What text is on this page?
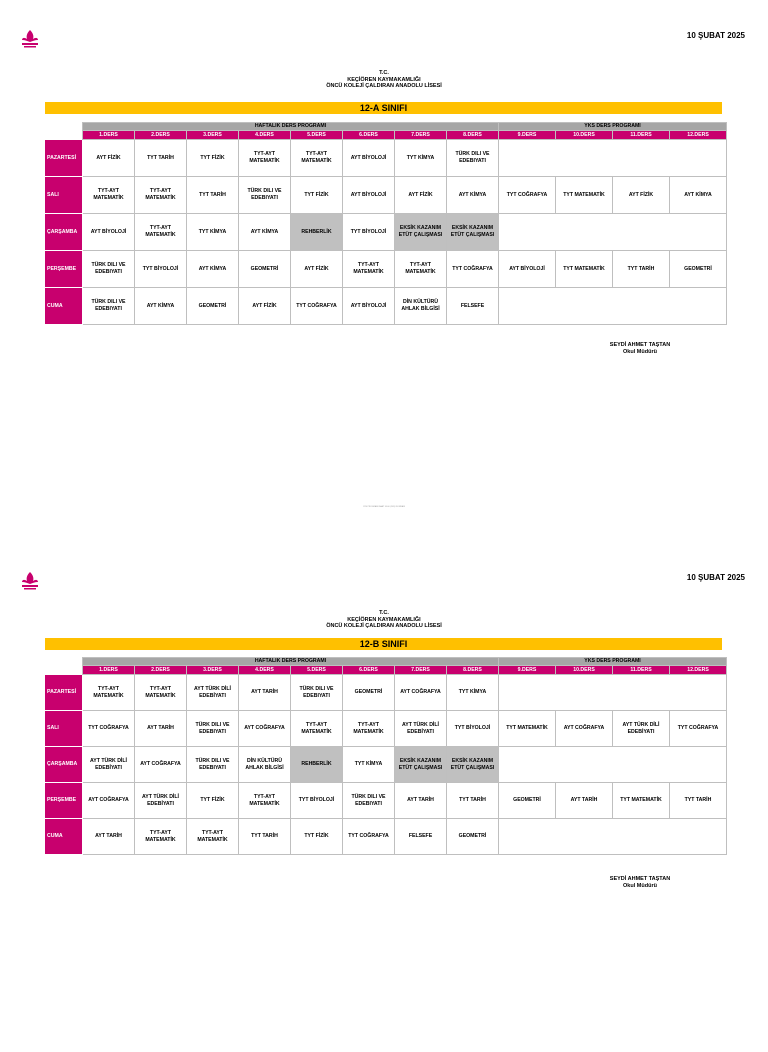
10 ŞUBAT 2025
T.C.
KEÇİÖREN KAYMAKAMLIĞI
ÖNCÜ KOLEJİ ÇALDIRAN ANADOLU LİSESİ
12-A SINIFI
	HAFTALIK DERS PROGRAMI								YKS DERS PROGRAMI			
	1.DERS	2.DERS	3.DERS	4.DERS	5.DERS	6.DERS	7.DERS	8.DERS	9.DERS	10.DERS	11.DERS	12.DERS
PAZARTESİ	AYT FİZİK	TYT TARİH	TYT FİZİK	TYT-AYT MATEMATİK	TYT-AYT MATEMATİK	AYT BİYOLOJİ	TYT KİMYA	TÜRK DILI VE EDEBIYATI				
SALI	TYT-AYT MATEMATİK	TYT-AYT MATEMATİK	TYT TARİH	TÜRK DILI VE EDEBIYATI	TYT FİZİK	AYT BİYOLOJİ	AYT FİZİK	AYT KİMYA	TYT COĞRAFYA	TYT MATEMATİK	AYT FİZİK	AYT KİMYA
ÇARŞAMBA	AYT BİYOLOJİ	TYT-AYT MATEMATİK	TYT KİMYA	AYT KİMYA	REHBERLİK	TYT BİYOLOJİ	EKSİK KAZANIM ETÜT ÇALIŞMASI	EKSİK KAZANIM ETÜT ÇALIŞMASI				
PERŞEMBE	TÜRK DILI VE EDEBIYATI	TYT BİYOLOJİ	AYT KİMYA	GEOMETRİ	AYT FİZİK	TYT-AYT MATEMATİK	TYT-AYT MATEMATİK	TYT COĞRAFYA	AYT BİYOLOJİ	TYT MATEMATİK	TYT TARİH	GEOMETRİ
CUMA	TÜRK DILI VE EDEBIYATI	AYT KİMYA	GEOMETRİ	AYT FİZİK	TYT COĞRAFYA	AYT BİYOLOJİ	DİN KÜLTÜRÜ AHLAK BİLGİSİ	FELSEFE				
SEYDİ AHMET TAŞTAN
Okul Müdürü
YKS PROGRAMI SAAT 16.00 ÇIKIŞ SONRASI
10 ŞUBAT 2025
T.C.
KEÇİÖREN KAYMAKAMLIĞI
ÖNCÜ KOLEJİ ÇALDIRAN ANADOLU LİSESİ
12-B SINIFI
	HAFTALIK DERS PROGRAMI								YKS DERS PROGRAMI			
	1.DERS	2.DERS	3.DERS	4.DERS	5.DERS	6.DERS	7.DERS	8.DERS	9.DERS	10.DERS	11.DERS	12.DERS
PAZARTESİ	TYT-AYT MATEMATİK	TYT-AYT MATEMATİK	AYT TÜRK DİLİ EDEBİYATI	AYT TARİH	TÜRK DILI VE EDEBIYATI	GEOMETRİ	AYT COĞRAFYA	TYT KİMYA				
SALI	TYT COĞRAFYA	AYT TARİH	TÜRK DILI VE EDEBIYATI	AYT COĞRAFYA	TYT-AYT MATEMATİK	TYT-AYT MATEMATİK	AYT TÜRK DİLİ EDEBİYATI	TYT BİYOLOJİ	TYT MATEMATİK	AYT COĞRAFYA	AYT TÜRK DİLİ EDEBİYATI	TYT COĞRAFYA
ÇARŞAMBA	AYT TÜRK DİLİ EDEBİYATI	AYT COĞRAFYA	TÜRK DILI VE EDEBIYATI	DİN KÜLTÜRÜ AHLAK BİLGİSİ	REHBERLİK	TYT KİMYA	EKSİK KAZANIM ETÜT ÇALIŞMASI	EKSİK KAZANIM ETÜT ÇALIŞMASI				
PERŞEMBE	AYT COĞRAFYA	AYT TÜRK DİLİ EDEBİYATI	TYT FİZİK	TYT-AYT MATEMATİK	TYT BİYOLOJİ	TÜRK DILI VE EDEBIYATI	AYT TARİH	TYT TARİH	GEOMETRİ	AYT TARİH	TYT MATEMATİK	TYT TARİH
CUMA	AYT TARİH	TYT-AYT MATEMATİK	TYT-AYT MATEMATİK	TYT TARİH	TYT FİZİK	TYT COĞRAFYA	FELSEFE	GEOMETRİ				
SEYDİ AHMET TAŞTAN
Okul Müdürü
